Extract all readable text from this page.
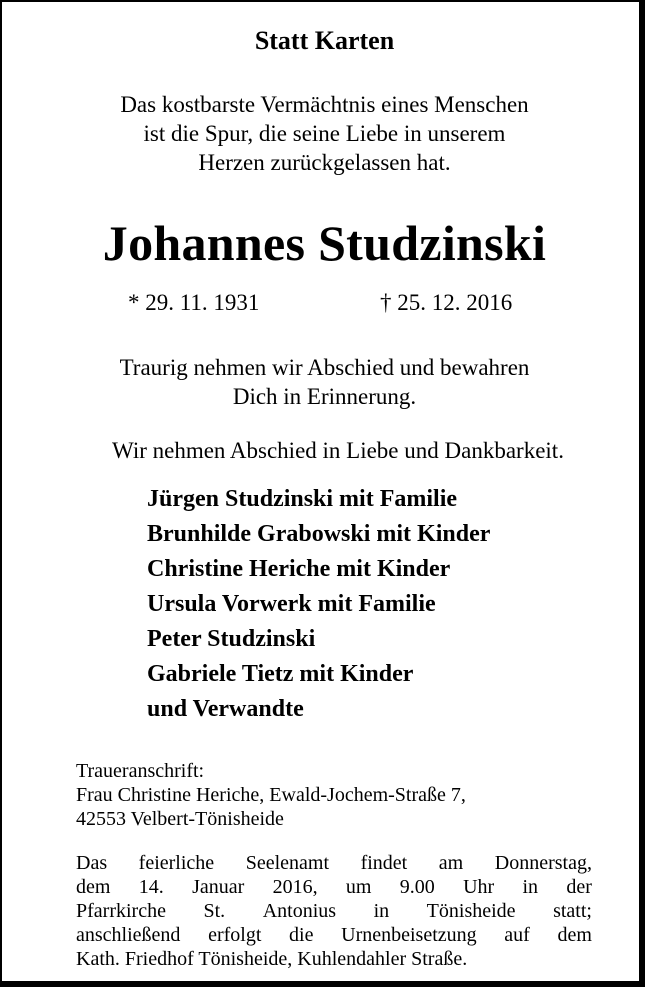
Statt Karten
Das kostbarste Vermächtnis eines Menschen
ist die Spur, die seine Liebe in unserem
Herzen zurückgelassen hat.
Johannes Studzinski
* 29. 11. 1931	† 25. 12. 2016
Traurig nehmen wir Abschied und bewahren
Dich in Erinnerung.
Wir nehmen Abschied in Liebe und Dankbarkeit.
Jürgen Studzinski mit Familie
Brunhilde Grabowski mit Kinder
Christine Heriche mit Kinder
Ursula Vorwerk mit Familie
Peter Studzinski
Gabriele Tietz mit Kinder
und Verwandte
Traueranschrift:
Frau Christine Heriche, Ewald-Jochem-Straße 7,
42553 Velbert-Tönisheide
Das feierliche Seelenamt findet am Donnerstag,
dem 14. Januar 2016, um 9.00 Uhr in der
Pfarrkirche St. Antonius in Tönisheide statt;
anschließend erfolgt die Urnenbeisetzung auf dem
Kath. Friedhof Tönisheide, Kuhlendahler Straße.
